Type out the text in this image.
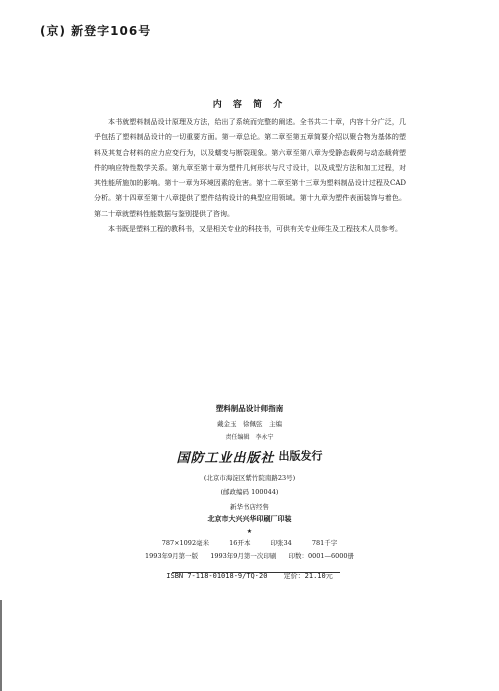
(京) 新登字106号
内 容 简 介

本书就塑料制品设计原理及方法，给出了系统而完整的阐述。全书共二十章，内容十分广泛，几乎包括了塑料制品设计的一切重要方面。第一章总论。第二章至第五章简要介绍以聚合物为基体的塑料及其复合材料的应力应变行为，以及蠕变与断裂现象。第六章至第八章为受静态载荷与动态载荷塑件的响应特性数学关系。第九章至第十章为塑件几何形状与尺寸设计，以及成型方法和加工过程，对其性能所施加的影响。第十一章为环境因素的危害。第十二章至第十三章为塑料制品设计过程及CAD分析。第十四章至第十八章提供了塑件结构设计的典型应用领域。第十九章为塑件表面装饰与着色。第二十章就塑料性能数据与鉴别提供了咨询。

本书既是塑料工程的教科书，又是相关专业的科技书，可供有关专业师生及工程技术人员参考。

塑料制品设计师指南
戴金玉　徐佩弦　主编
责任编辑　李永宁
国防工业出版社 出版发行
(北京市海淀区紫竹院南路23号)
(邮政编码 100044)
新华书店经售
北京市大兴兴华印刷厂印装
★
787×1092毫米	16开本	印张34	781千字
1993年9月第一版 1993年9月第一次印刷 印数：0001—6000册
ISBN 7-118-01018-9/TQ·20 定价：21.10元
